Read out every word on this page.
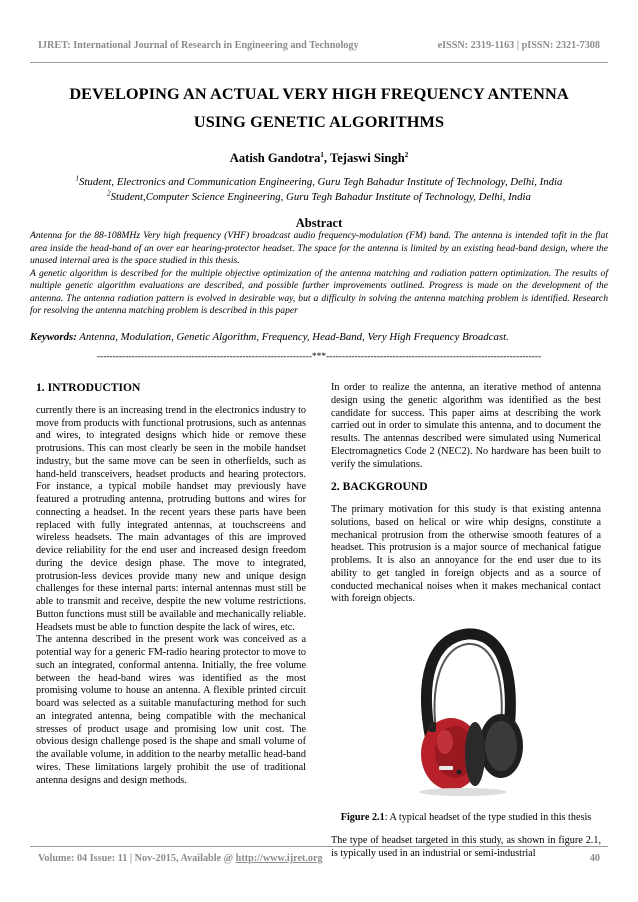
IJRET: International Journal of Research in Engineering and Technology	eISSN: 2319-1163 | pISSN: 2321-7308
DEVELOPING AN ACTUAL VERY HIGH FREQUENCY ANTENNA
USING GENETIC ALGORITHMS
Aatish Gandotra$^1$, Tejaswi Singh$^2$
$^1$Student, Electronics and Communication Engineering, Guru Tegh Bahadur Institute of Technology, Delhi, India
$^2$Student,Computer Science Engineering, Guru Tegh Bahadur Institute of Technology, Delhi, India
Abstract

Antenna for the 88-108MHz Very high frequency (VHF) broadcast audio frequency-modulation (FM) band. The antenna is intended tofit in the flat area inside the head-band of an over ear hearing-protector headset. The space for the antenna is limited by an existing head-band design, where the unused internal area is the space studied in this thesis.

A genetic algorithm is described for the multiple objective optimization of the antenna matching and radiation pattern optimization. The results of multiple genetic algorithm evaluations are described, and possible further improvements outlined. Progress is made on the development of the antenna. The antenna radiation pattern is evolved in desirable way, but a difficulty in solving the antenna matching problem is identified. Research for resolving the antenna matching problem is described in this paper

Keywords: Antenna, Modulation, Genetic Algorithm, Frequency, Head-Band, Very High Frequency Broadcast.
--------------------------------------------------------------------***--------------------------------------------------------------------
1. INTRODUCTION

currently there is an increasing trend in the electronics industry to move from products with functional protrusions, such as antennas and wires, to integrated designs which hide or remove these protrusions. This can most clearly be seen in the mobile handset industry, but the same move can be seen in otherfields, such as hand-held transceivers, headset products and hearing protectors. For instance, a typical mobile handset may previously have featured a protruding antenna, protruding buttons and wires for connecting a headset. In the recent years these parts have been replaced with fully integrated antennas, at touchscreens and wireless headsets. The main advantages of this are improved device reliability for the end user and increased design freedom during the device design phase. The move to integrated, protrusion-less devices provide many new and unique design challenges for these internal parts: internal antennas must still be able to transmit and receive, despite the new volume restrictions. Button functions must still be available and mechanically reliable. Headsets must be able to function despite the lack of wires, etc.

The antenna described in the present work was conceived as a potential way for a generic FM-radio hearing protector to move to such an integrated, conformal antenna. Initially, the free volume between the head-band wires was identified as the most promising volume to house an antenna. A flexible printed circuit board was selected as a suitable manufacturing method for such an integrated antenna, being compatible with the mechanical stresses of product usage and promising low unit cost. The obvious design challenge posed is the shape and small volume of the available volume, in addition to the nearby metallic head-band wires. These limitations largely prohibit the use of traditional antenna designs and design methods.

In order to realize the antenna, an iterative method of antenna design using the genetic algorithm was identified as the best candidate for success. This paper aims at describing the work carried out in order to simulate this antenna, and to document the results. The antennas described were simulated using Numerical Electromagnetics Code 2 (NEC2). No hardware has been built to verify the simulations.

2. BACKGROUND

The primary motivation for this study is that existing antenna solutions, based on helical or wire whip designs, constitute a mechanical protrusion from the otherwise smooth features of a headset. This protrusion is a major source of mechanical fatigue problems. It is also an annoyance for the end user due to its ability to get tangled in foreign objects and as a source of conducted mechanical noises when it makes mechanical contact with foreign objects.

Figure 2.1: A typical headset of the type studied in this thesis

The type of headset targeted in this study, as shown in figure 2.1, is typically used in an industrial or semi-industrial

Volume: 04 Issue: 11 | Nov-2015, Available @ http://www.ijret.org	40
